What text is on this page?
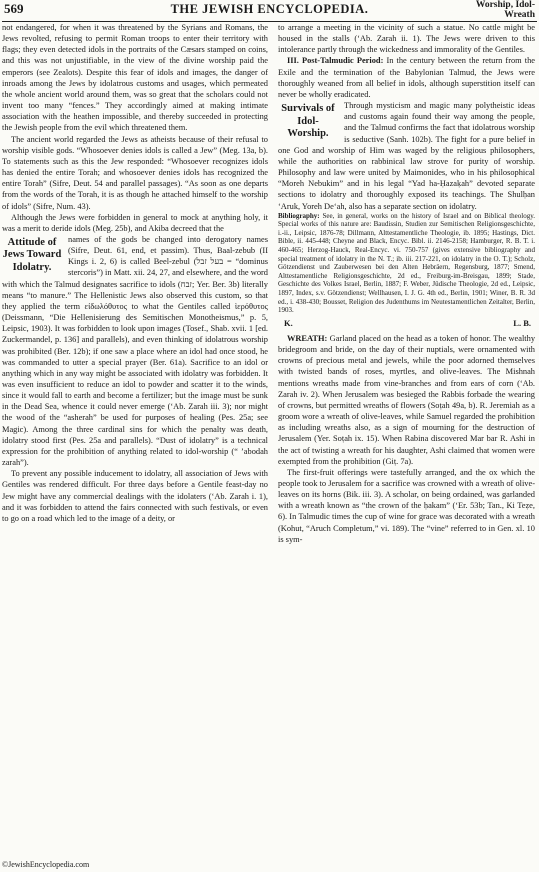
569	THE JEWISH ENCYCLOPEDIA.	Worship, Idol-
Wreath

not endangered, for when it was threatened by the Syrians and Romans, the Jews revolted, refusing to permit Roman troops to enter their territory with flags; they even detected idols in the portraits of the Cæsars stamped on coins, and this was not unjustifiable, in the view of the divine worship paid the emperors (see Zealots). Despite this fear of idols and images, the danger of inroads among the Jews by idolatrous customs and usages, which permeated the whole ancient world around them, was so great that the scholars could not invent too many “fences.” They accordingly aimed at making intimate association with the heathen impossible, and thereby succeeded in protecting the Jewish people from the evil which threatened them.

The ancient world regarded the Jews as atheists because of their refusal to worship visible gods. “Whosoever denies idols is called a Jew” (Meg. 13a, b). To statements such as this the Jew responded: “Whosoever recognizes idols has denied the entire Torah; and whosoever denies idols has recognized the entire Torah” (Sifre, Deut. 54 and parallel passages). “As soon as one departs from the words of the Torah, it is as though he attached himself to the worship of idols” (Sifre, Num. 43).

Although the Jews were forbidden in general to mock at anything holy, it was a merit to deride idols (Meg. 25b), and Akiba decreed that the

Attitude of Jews Toward Idolatry.
names of the gods be changed into derogatory names (Sifre, Deut. 61, end, et passim). Thus, Baal-zebub (II Kings i. 2, 6) is called Beel-zebul (בעל זבל = “dominus stercoris”) in Matt. xii. 24, 27, and elsewhere, and the word with which the Talmud designates sacrifice to idols (זבח; Yer. Ber. 3b) literally means “to manure.” The Hellenistic Jews also observed this custom, so that they applied the term εἰδωλόθυτος to what the Gentiles called ἱερόθυτος (Deissmann, “Die Hellenisierung des Semitischen Monotheismus,” p. 5, Leipsic, 1903). It was forbidden to look upon images (Tosef., Shab. xvii. 1 [ed. Zuckermandel, p. 136] and parallels), and even thinking of idolatrous worship was prohibited (Ber. 12b); if one saw a place where an idol had once stood, he was commanded to utter a special prayer (Ber. 61a). Sacrifice to an idol or anything which in any way might be associated with idolatry was forbidden. It was even insufficient to reduce an idol to powder and scatter it to the winds, since it would fall to earth and become a fertilizer; but the image must be sunk in the Dead Sea, whence it could never emerge (‘Ab. Zarah iii. 3); nor might the wood of the “asherah” be used for purposes of healing (Pes. 25a; see Magic). Among the three cardinal sins for which the penalty was death, idolatry stood first (Pes. 25a and parallels). “Dust of idolatry” is a technical expression for the prohibition of anything related to idol-worship (“ ’abodah zarah”).

To prevent any possible inducement to idolatry, all association of Jews with Gentiles was rendered difficult. For three days before a Gentile feast-day no Jew might have any commercial dealings with the idolaters (‘Ab. Zarah i. 1), and it was forbidden to attend the fairs connected with such festivals, or even to go on a road which led to the image of a deity, or

to arrange a meeting in the vicinity of such a statue. No cattle might be housed in the stalls (‘Ab. Zarah ii. 1). The Jews were driven to this intolerance partly through the wickedness and immorality of the Gentiles.

III. Post-Talmudic Period: In the century between the return from the Exile and the termination of the Babylonian Talmud, the Jews were thoroughly weaned from all belief in idols, although superstition itself can never be wholly eradicated.

Survivals of Idol-Worship.
Through mysticism and magic many polytheistic ideas and customs again found their way among the people, and the Talmud confirms the fact that idolatrous worship is seductive (Sanh. 102b). The fight for a pure belief in one God and worship of Him was waged by the religious philosophers, while the authorities on rabbinical law strove for purity of worship. Philosophy and law were united by Maimonides, who in his philosophical “Moreh Nebukim” and in his legal “Yad ha-Ḥazaḳah” devoted separate sections to idolatry and thoroughly exposed its teachings. The Shulḥan ‘Aruk, Yoreh De‘ah, also has a separate section on idolatry.

Bibliography: See, in general, works on the history of Israel and on Biblical theology. Special works of this nature are: Baudissin, Studien zur Semitischen Religionsgeschichte, i.-ii., Leipsic, 1876-78; Dillmann, Alttestamentliche Theologie, ib. 1895; Hastings, Dict. Bible, ii. 445-448; Cheyne and Black, Encyc. Bibl. ii. 2146-2158; Hamburger, R. B. T. i. 460-465; Herzog-Hauck, Real-Encyc. vi. 750-757 (gives extensive bibliography and special treatment of idolatry in the N. T.; ib. iii. 217-221, on idolatry in the O. T.); Scholz, Götzendienst und Zauberwesen bei den Alten Hebräern, Regensburg, 1877; Smend, Alttestamentliche Religionsgeschichte, 2d ed., Freiburg-im-Breisgau, 1899; Stade, Geschichte des Volkes Israel, Berlin, 1887; F. Weber, Jüdische Theologie, 2d ed., Leipsic, 1897, Index, s.v. Götzendienst; Wellhausen, I. J. G. 4th ed., Berlin, 1901; Winer, B. R. 3d ed., i. 438-430; Bousset, Religion des Judenthums im Neutestamentlichen Zeitalter, Berlin, 1903.

K.	L. B.

WREATH: Garland placed on the head as a token of honor. The wealthy bridegroom and bride, on the day of their nuptials, were ornamented with crowns of precious metal and jewels, while the poor adorned themselves with twisted bands of roses, myrtles, and olive-leaves. The Mishnah mentions wreaths made from vine-branches and from ears of corn (‘Ab. Zarah iv. 2). When Jerusalem was besieged the Rabbis forbade the wearing of crowns, but permitted wreaths of flowers (Soṭah 49a, b). R. Jeremiah as a groom wore a wreath of olive-leaves, while Samuel regarded the prohibition as including wreaths also, as a sign of mourning for the destruction of Jerusalem (Yer. Soṭah ix. 15). When Rabina discovered Mar bar R. Ashi in the act of twisting a wreath for his daughter, Ashi claimed that women were exempted from the prohibition (Giṭ. 7a).

The first-fruit offerings were tastefully arranged, and the ox which the people took to Jerusalem for a sacrifice was crowned with a wreath of olive-leaves on its horns (Bik. iii. 3). A scholar, on being ordained, was garlanded with a wreath known as “the crown of the ḥakam” (‘Er. 53b; Tan., Ki Teẓe, 6). In Talmudic times the cup of wine for grace was decorated with a wreath (Kohut, “Aruch Completum,” vi. 189). The “vine” referred to in Gen. xl. 10 is sym-

©JewishEncyclopedia.com
